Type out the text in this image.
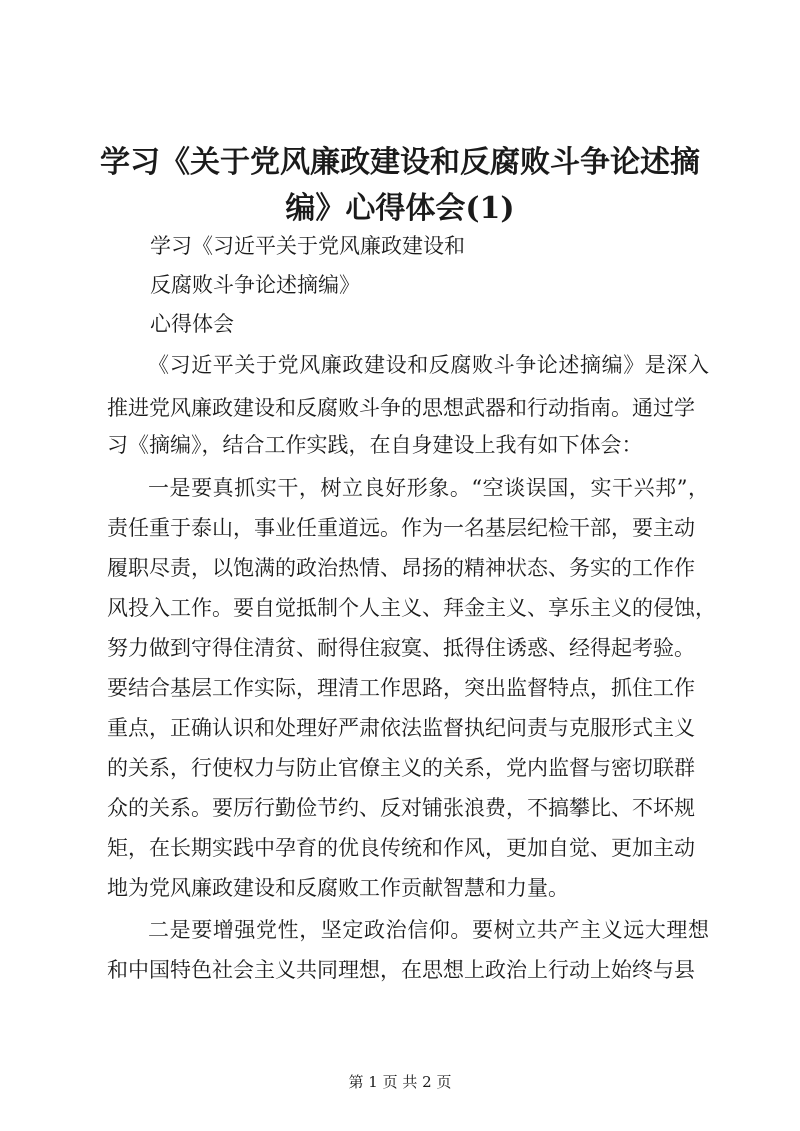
学习《关于党风廉政建设和反腐败斗争论述摘
编》心得体会(1)

学习《习近平关于党风廉政建设和

反腐败斗争论述摘编》

心得体会

《习近平关于党风廉政建设和反腐败斗争论述摘编》是深入

推进党风廉政建设和反腐败斗争的思想武器和行动指南。通过学

习《摘编》，结合工作实践，在自身建设上我有如下体会：

一是要真抓实干，树立良好形象。“空谈误国，实干兴邦”，

责任重于泰山，事业任重道远。作为一名基层纪检干部，要主动

履职尽责，以饱满的政治热情、昂扬的精神状态、务实的工作作

风投入工作。要自觉抵制个人主义、拜金主义、享乐主义的侵蚀，

努力做到守得住清贫、耐得住寂寞、抵得住诱惑、经得起考验。

要结合基层工作实际，理清工作思路，突出监督特点，抓住工作

重点，正确认识和处理好严肃依法监督执纪问责与克服形式主义

的关系，行使权力与防止官僚主义的关系，党内监督与密切联群

众的关系。要厉行勤俭节约、反对铺张浪费，不搞攀比、不坏规

矩，在长期实践中孕育的优良传统和作风，更加自觉、更加主动

地为党风廉政建设和反腐败工作贡献智慧和力量。

二是要增强党性，坚定政治信仰。要树立共产主义远大理想

和中国特色社会主义共同理想，在思想上政治上行动上始终与县

第 1 页 共 2 页
